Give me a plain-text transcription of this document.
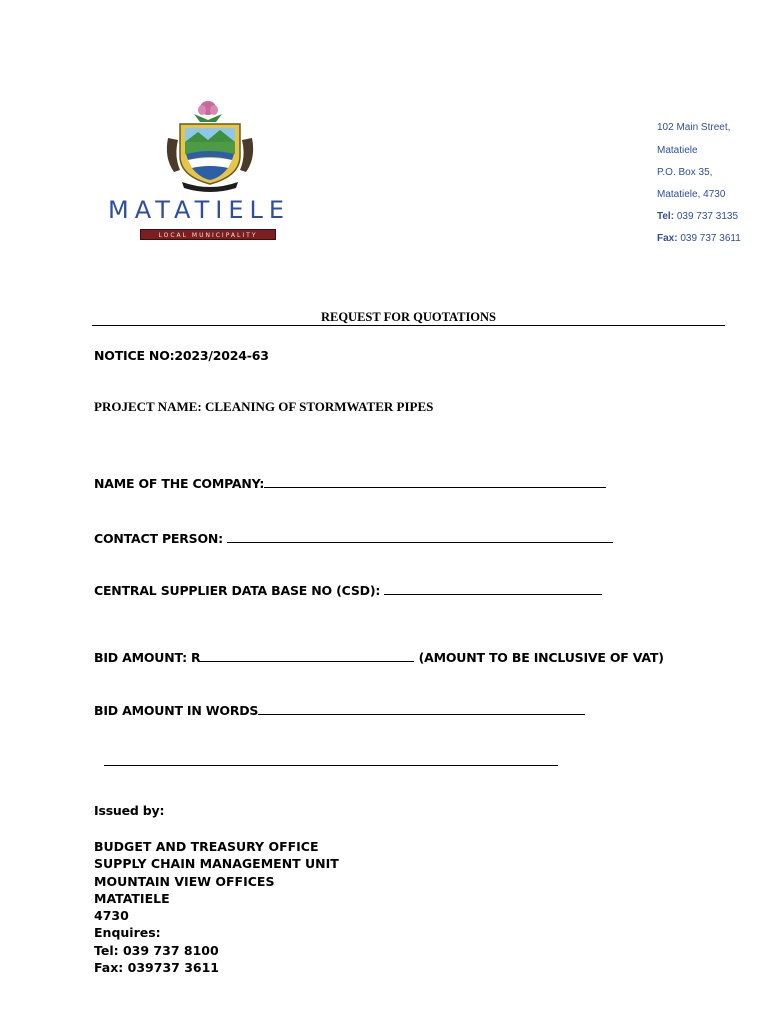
MATATIELE
LOCAL MUNICIPALITY
102 Main Street,
Matatiele
P.O. Box 35,
Matatiele, 4730
Tel: 039 737 3135
Fax: 039 737 3611
REQUEST FOR QUOTATIONS
NOTICE NO:2023/2024-63
PROJECT NAME: CLEANING OF STORMWATER PIPES
NAME OF THE COMPANY:
CONTACT PERSON:
CENTRAL SUPPLIER DATA BASE NO (CSD):
BID AMOUNT: R	(AMOUNT TO BE INCLUSIVE OF VAT)
BID AMOUNT IN WORDS
Issued by:
BUDGET AND TREASURY OFFICE
SUPPLY CHAIN MANAGEMENT UNIT
MOUNTAIN VIEW OFFICES
MATATIELE
4730
Enquires:
Tel: 039 737 8100
Fax: 039737 3611
